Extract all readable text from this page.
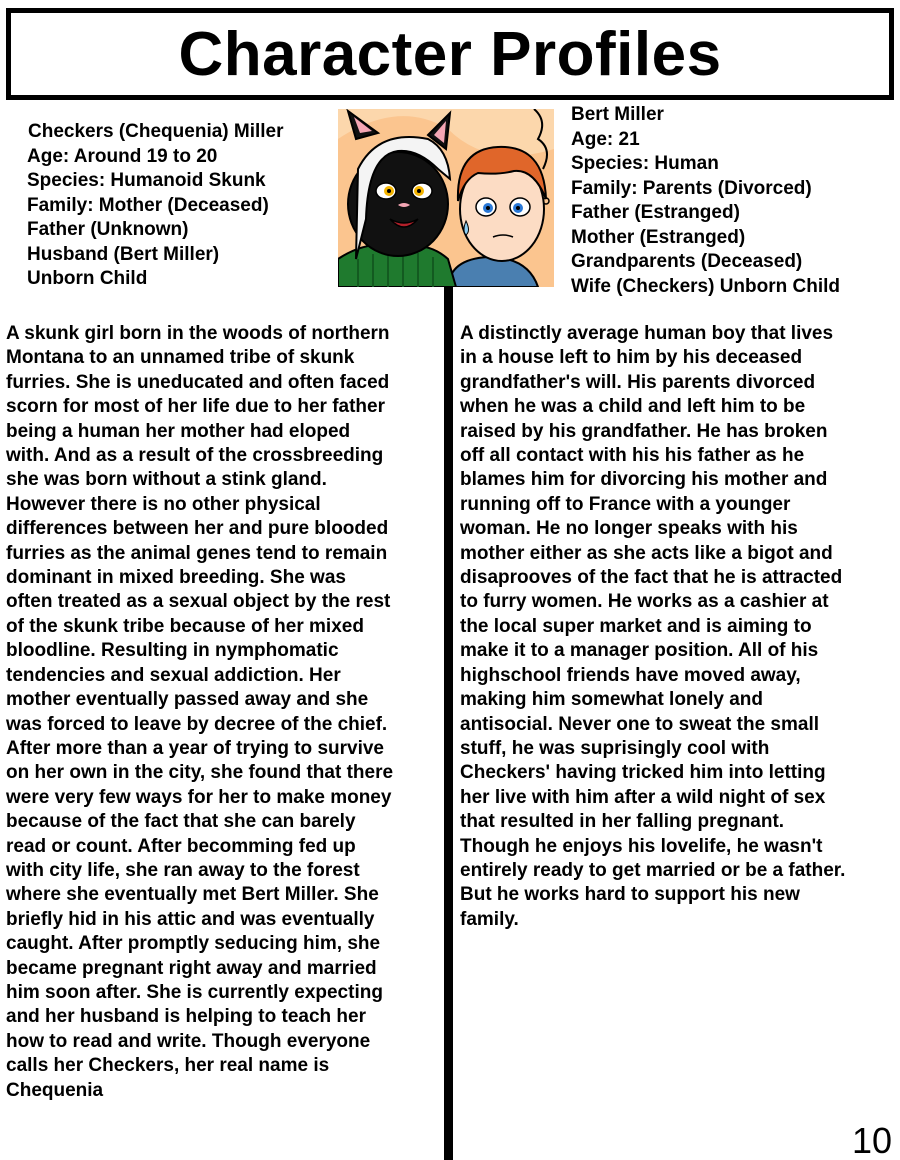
Character Profiles
Checkers (Chequenia) Miller
Age: Around 19 to 20
Species: Humanoid Skunk
Family: Mother (Deceased)
Father (Unknown)
Husband (Bert Miller)
Unborn Child
Bert Miller
Age: 21
Species: Human
Family: Parents (Divorced)
Father (Estranged)
Mother (Estranged)
Grandparents (Deceased)
Wife (Checkers) Unborn Child
A skunk girl born in the woods of northern
Montana to an unnamed tribe of skunk
furries. She is uneducated and often faced
scorn for most of her life due to her father
being a human her mother had eloped
with. And as a result of the crossbreeding
she was born without a stink gland.
However there is no other physical
differences between her and pure blooded
furries as the animal genes tend to remain
dominant in mixed breeding. She was
often treated as a sexual object by the rest
of the skunk tribe because of her mixed
bloodline. Resulting in nymphomatic
tendencies and sexual addiction. Her
mother eventually passed away and she
was forced to leave by decree of the chief.
After more than a year of trying to survive
on her own in the city, she found that there
were very few ways for her to make money
because of the fact that she can barely
read or count. After becomming fed up
with city life, she ran away to the forest
where she eventually met Bert Miller. She
briefly hid in his attic and was eventually
caught. After promptly seducing him, she
became pregnant right away and married
him soon after. She is currently expecting
and her husband is helping to teach her
how to read and write. Though everyone
calls her Checkers, her real name is
Chequenia
A distinctly average human boy that lives
in a house left to him by his deceased
grandfather's will. His parents divorced
when he was a child and left him to be
raised by his grandfather. He has broken
off all contact with his his father as he
blames him for divorcing his mother and
running off to France with a younger
woman. He no longer speaks with his
mother either as she acts like a bigot and
disaprooves of the fact that he is attracted
to furry women. He works as a cashier at
the local super market and is aiming to
make it to a manager position. All of his
highschool friends have moved away,
making him somewhat lonely and
antisocial. Never one to sweat the small
stuff, he was suprisingly cool with
Checkers' having tricked him into letting
her live with him after a wild night of sex
that resulted in her falling pregnant.
Though he enjoys his lovelife, he wasn't
entirely ready to get married or be a father.
But he works hard to support his new
family.
10
